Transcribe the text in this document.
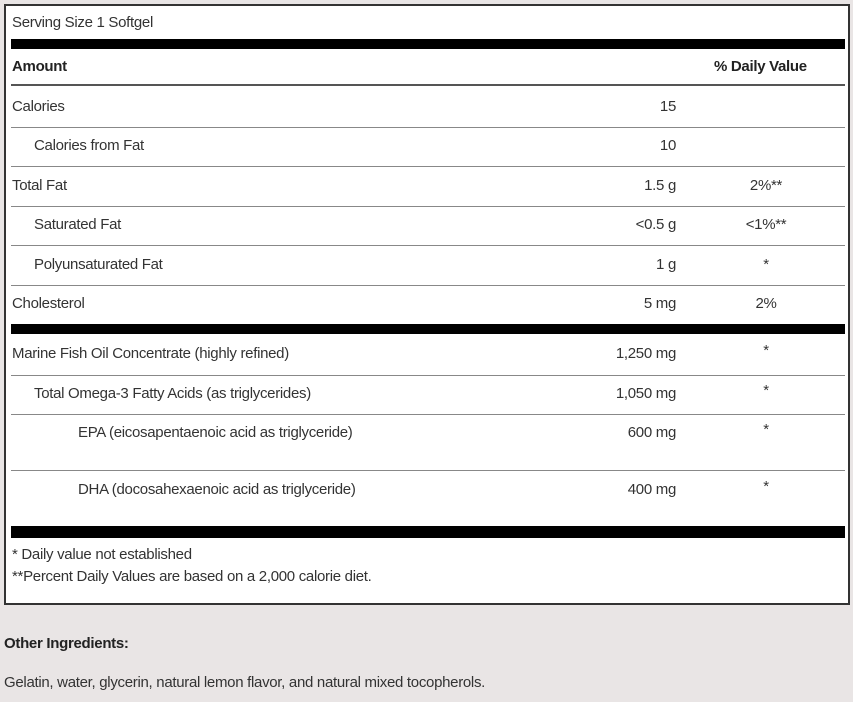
Serving Size 1 Softgel
Amount	% Daily Value
Calories	15
Calories from Fat	10
Total Fat	1.5 g	2%**
Saturated Fat	<0.5 g	<1%**
Polyunsaturated Fat	1 g	*
Cholesterol	5 mg	2%
Marine Fish Oil Concentrate (highly refined)	1,250 mg	*
Total Omega-3 Fatty Acids (as triglycerides)	1,050 mg	*
EPA (eicosapentaenoic acid as triglyceride)	600 mg	*
DHA (docosahexaenoic acid as triglyceride)	400 mg	*
* Daily value not established
**Percent Daily Values are based on a 2,000 calorie diet.
Other Ingredients:
Gelatin, water, glycerin, natural lemon flavor, and natural mixed tocopherols.
